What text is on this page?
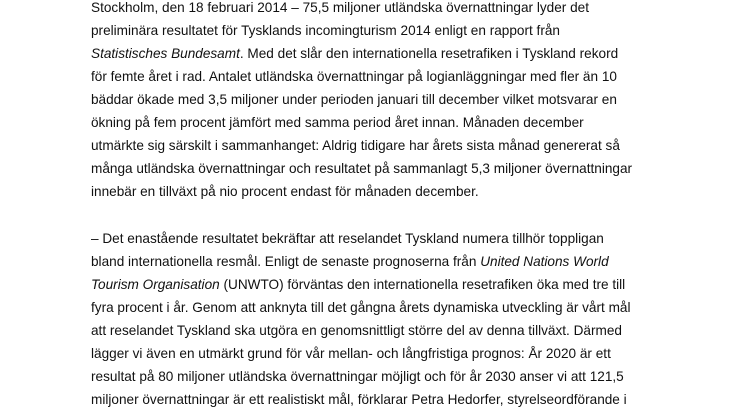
Stockholm, den 18 februari 2014 – 75,5 miljoner utländska övernattningar lyder det
preliminära resultatet för Tysklands incomingturism 2014 enligt en rapport från
Statistisches Bundesamt. Med det slår den internationella resetrafiken i Tyskland rekord
för femte året i rad. Antalet utländska övernattningar på logianläggningar med fler än 10
bäddar ökade med 3,5 miljoner under perioden januari till december vilket motsvarar en
ökning på fem procent jämfört med samma period året innan. Månaden december
utmärkte sig särskilt i sammanhanget: Aldrig tidigare har årets sista månad genererat så
många utländska övernattningar och resultatet på sammanlagt 5,3 miljoner övernattningar
innebär en tillväxt på nio procent endast för månaden december.
– Det enastående resultatet bekräftar att reselandet Tyskland numera tillhör toppligan
bland internationella resmål. Enligt de senaste prognoserna från United Nations World
Tourism Organisation (UNWTO) förväntas den internationella resetrafiken öka med tre till
fyra procent i år. Genom att anknyta till det gångna årets dynamiska utveckling är vårt mål
att reselandet Tyskland ska utgöra en genomsnittligt större del av denna tillväxt. Därmed
lägger vi även en utmärkt grund för vår mellan- och långfristiga prognos: År 2020 är ett
resultat på 80 miljoner utländska övernattningar möjligt och för år 2030 anser vi att 121,5
miljoner övernattningar är ett realistiskt mål, förklarar Petra Hedorfer, styrelseordförande i
